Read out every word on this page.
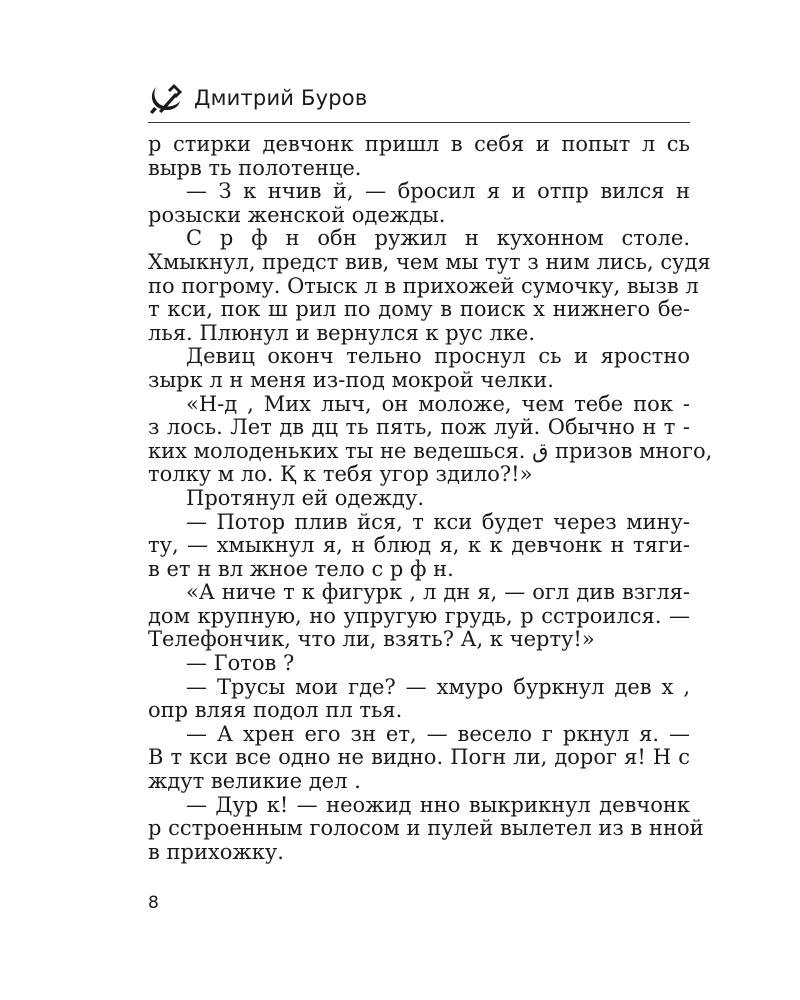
Дмитрий Буров
р стирки девчонк пришл в себя и попыт л сь
вырв ть полотенце.
— З к нчив й, — бросил я и отпр вился н
розыски женской одежды.
С р ф н обн ружил н кухонном столе.
Хмыкнул, предст вив, чем мы тут з ним лись, судя
по погрому. Отыск л в прихожей сумочку, вызв л
т кси, пок ш рил по дому в поиск х нижнего бе-
лья. Плюнул и вернулся к рус лке.
Девиц оконч тельно проснул сь и яростно
зырк л н меня из-под мокрой челки.
«Н-д , Мих лыч, он моложе, чем тебе пок -
з лось. Лет дв дц ть пять, пож луй. Обычно н т -
ких молоденьких ты не ведешься. ق призов много,
толку м ло. Қ к тебя угор здило?!»
Протянул ей одежду.
— Потор плив йся, т кси будет через мину-
ту, — хмыкнул я, н блюд я, к к девчонк н тяги-
в ет н вл жное тело с р ф н.
«А ниче т к фигурк , л дн я, — огл див взгля-
дом крупную, но упругую грудь, р сстроился. —
Телефончик, что ли, взять? А, к черту!»
— Готов ?
— Трусы мои где? — хмуро буркнул дев х ,
опр вляя подол пл тья.
— А хрен его зн ет, — весело г ркнул я. —
В т кси все одно не видно. Погн ли, дорог я! Н с
ждут великие дел .
— Дур к! — неожид нно выкрикнул девчонк
р сстроенным голосом и пулей вылетел из в нной
в прихожку.
8
